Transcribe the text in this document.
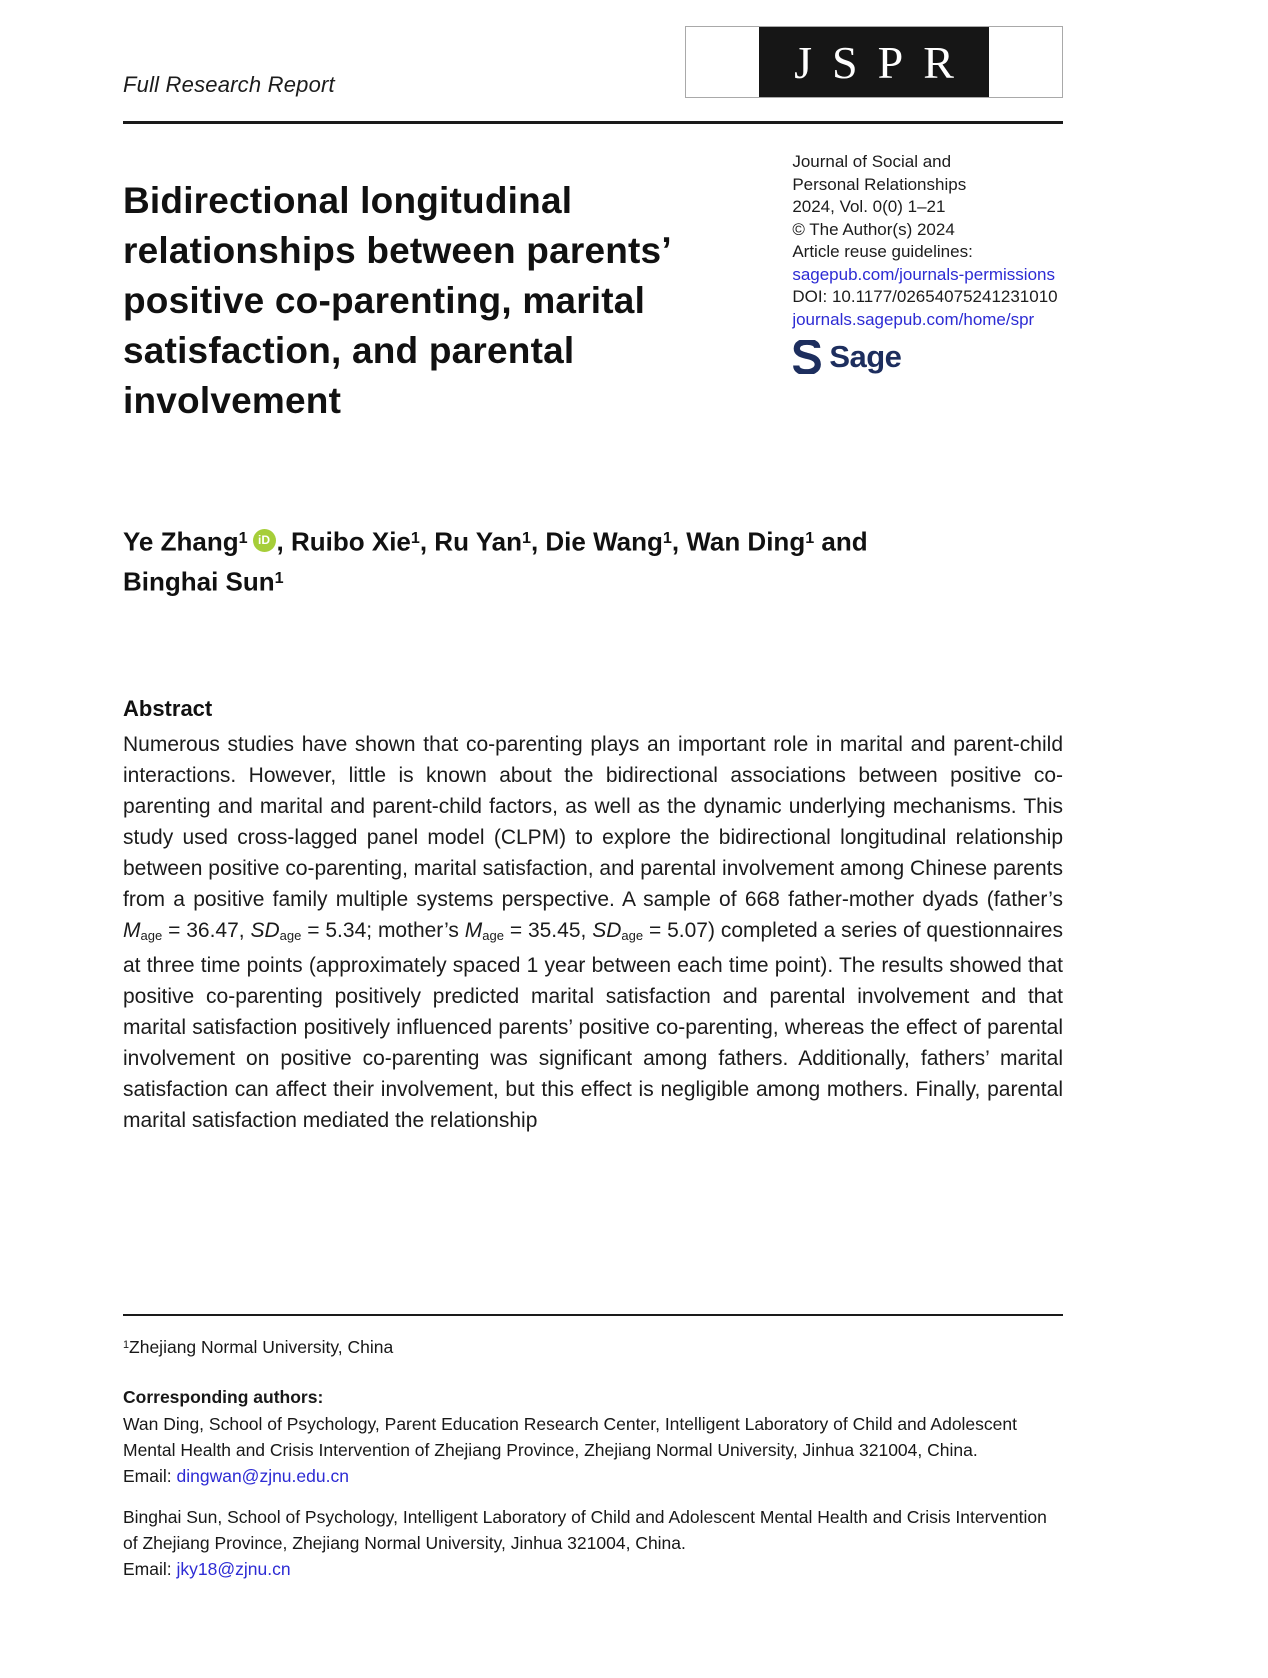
Full Research Report	JSPR
Bidirectional longitudinal relationships between parents’ positive co-parenting, marital satisfaction, and parental involvement
Journal of Social and
Personal Relationships
2024, Vol. 0(0) 1–21
© The Author(s) 2024
Article reuse guidelines:
sagepub.com/journals-permissions
DOI: 10.1177/02654075241231010
journals.sagepub.com/home/spr
Sage
Ye Zhang$^1$ iD , Ruibo Xie$^1$, Ru Yan$^1$, Die Wang$^1$, Wan Ding$^1$ and
Binghai Sun$^1$
Abstract
Numerous studies have shown that co-parenting plays an important role in marital and parent-child interactions. However, little is known about the bidirectional associations between positive co-parenting and marital and parent-child factors, as well as the dynamic underlying mechanisms. This study used cross-lagged panel model (CLPM) to explore the bidirectional longitudinal relationship between positive co-parenting, marital satisfaction, and parental involvement among Chinese parents from a positive family multiple systems perspective. A sample of 668 father-mother dyads (father’s Mage = 36.47, SDage = 5.34; mother’s Mage = 35.45, SDage = 5.07) completed a series of questionnaires at three time points (approximately spaced 1 year between each time point). The results showed that positive co-parenting positively predicted marital satisfaction and parental involvement and that marital satisfaction positively influenced parents’ positive co-parenting, whereas the effect of parental involvement on positive co-parenting was significant among fathers. Additionally, fathers’ marital satisfaction can affect their involvement, but this effect is negligible among mothers. Finally, parental marital satisfaction mediated the relationship
$^1$Zhejiang Normal University, China
Corresponding authors:
Wan Ding, School of Psychology, Parent Education Research Center, Intelligent Laboratory of Child and Adolescent Mental Health and Crisis Intervention of Zhejiang Province, Zhejiang Normal University, Jinhua 321004, China.
Email: dingwan@zjnu.edu.cn
Binghai Sun, School of Psychology, Intelligent Laboratory of Child and Adolescent Mental Health and Crisis Intervention of Zhejiang Province, Zhejiang Normal University, Jinhua 321004, China.
Email: jky18@zjnu.cn
